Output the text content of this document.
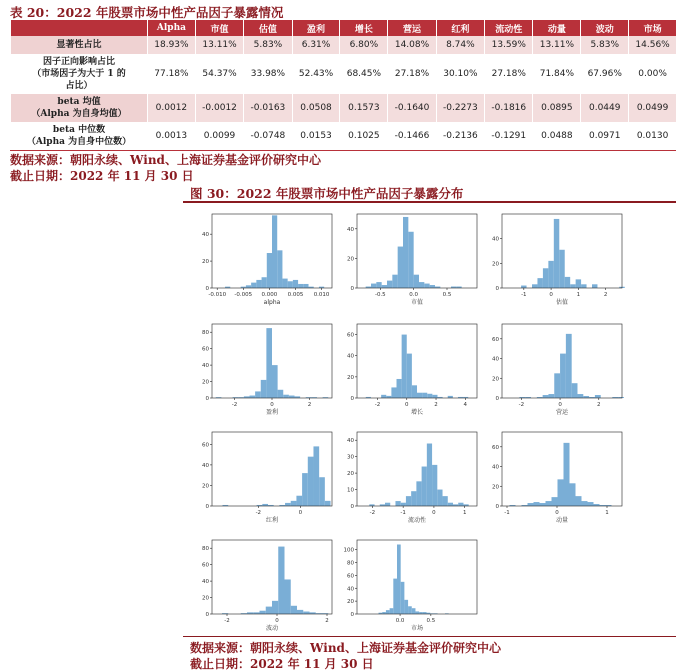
表 20：2022 年股票市场中性产品因子暴露情况
	Alpha	市值	估值	盈利	增长	营运	红利	流动性	动量	波动	市场
显著性占比	18.93%	13.11%	5.83%	6.31%	6.80%	14.08%	8.74%	13.59%	13.11%	5.83%	14.56%
因子正向影响占比
（市场因子为大于 1 的
占比）	77.18%	54.37%	33.98%	52.43%	68.45%	27.18%	30.10%	27.18%	71.84%	67.96%	0.00%
beta 均值
（Alpha 为自身均值）	0.0012	-0.0012	-0.0163	0.0508	0.1573	-0.1640	-0.2273	-0.1816	0.0895	0.0449	0.0499
beta 中位数
（Alpha 为自身中位数）	0.0013	0.0099	-0.0748	0.0153	0.1025	-0.1466	-0.2136	-0.1291	0.0488	0.0971	0.0130
数据来源：朝阳永续、Wind、上海证券基金评价研究中心
截止日期：2022 年 11 月 30 日
图 30：2022 年股票市场中性产品因子暴露分布
-0.010 -0.005 0.000 0.005 0.010
0
20
40
alpha
-0.5	0.0	0.5
0
20
40
市值
-1	0	1	2
0
20
40
估值
-2	0	2
0
20
40
60
80
盈利
-2	0	2	4
0
20
40
60
增长
-2	0	2
0
20
40
60
营运
-2	0
0
20
40
60
红利
-2	-1	0	1
0
10
20
30
40
流动性
-1	0	1
0
20
40
60
动量
-2	0	2
0
20
40
60
80
波动
0.0	0.5
0
20
40
60
80
100
市场
数据来源：朝阳永续、Wind、上海证券基金评价研究中心
截止日期：2022 年 11 月 30 日
